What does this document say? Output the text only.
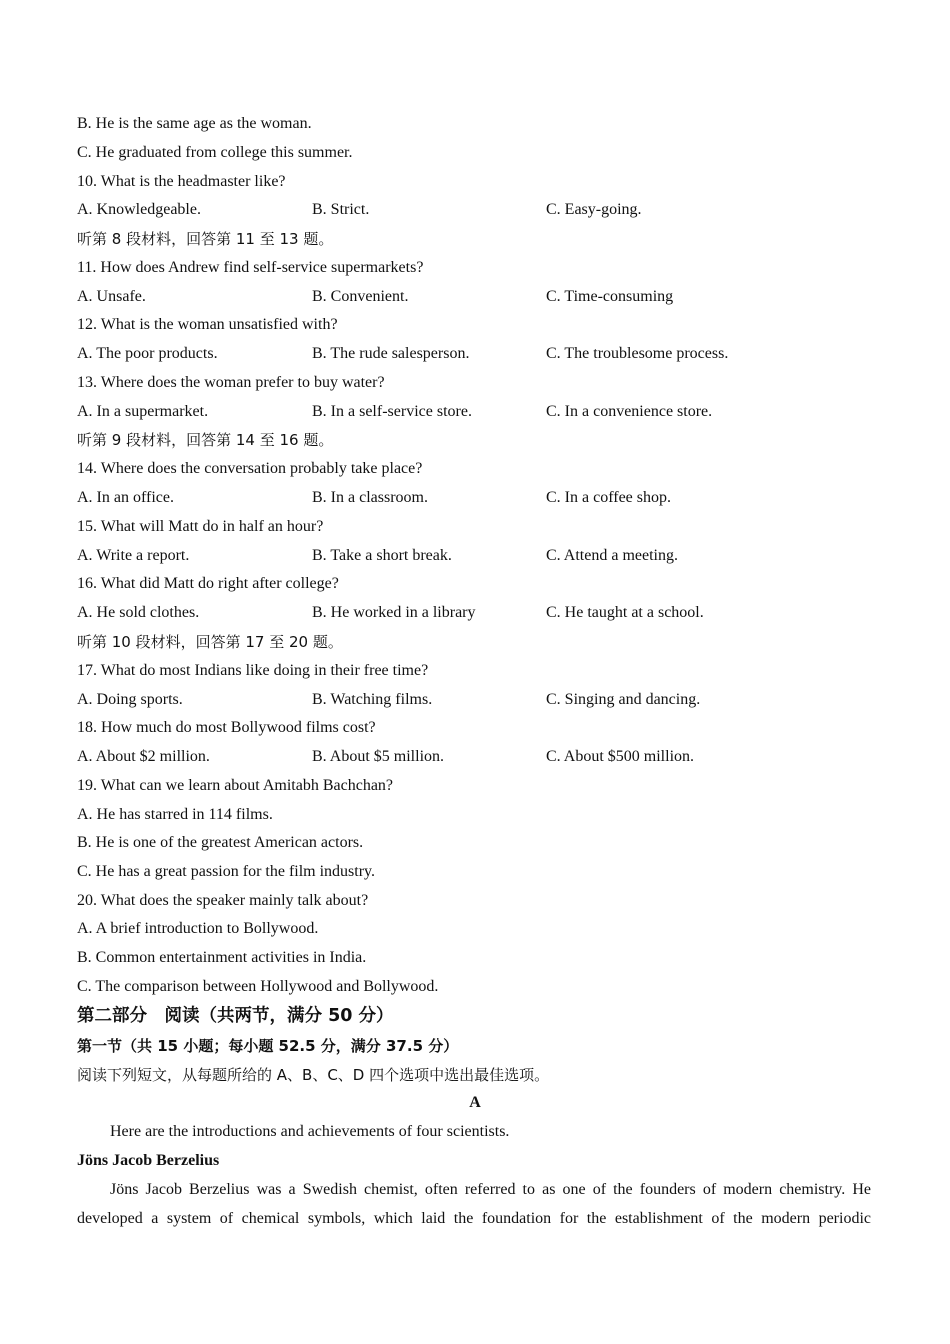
B. He is the same age as the woman.
C. He graduated from college this summer.
10. What is the headmaster like?
A. Knowledgeable.	B. Strict.	C. Easy-going.
听第 8 段材料，回答第 11 至 13 题。
11. How does Andrew find self-service supermarkets?
A. Unsafe.	B. Convenient.	C. Time-consuming
12. What is the woman unsatisfied with?
A. The poor products.	B. The rude salesperson.	C. The troublesome process.
13. Where does the woman prefer to buy water?
A. In a supermarket.	B. In a self-service store.	C. In a convenience store.
听第 9 段材料，回答第 14 至 16 题。
14. Where does the conversation probably take place?
A. In an office.	B. In a classroom.	C. In a coffee shop.
15. What will Matt do in half an hour?
A. Write a report.	B. Take a short break.	C. Attend a meeting.
16. What did Matt do right after college?
A. He sold clothes.	B. He worked in a library	C. He taught at a school.
听第 10 段材料，回答第 17 至 20 题。
17. What do most Indians like doing in their free time?
A. Doing sports.	B. Watching films.	C. Singing and dancing.
18. How much do most Bollywood films cost?
A. About $2 million.	B. About $5 million.	C. About $500 million.
19. What can we learn about Amitabh Bachchan?
A. He has starred in 114 films.
B. He is one of the greatest American actors.
C. He has a great passion for the film industry.
20. What does the speaker mainly talk about?
A. A brief introduction to Bollywood.
B. Common entertainment activities in India.
C. The comparison between Hollywood and Bollywood.
第二部分　阅读（共两节，满分 50 分）
第一节（共 15 小题；每小题 52.5 分，满分 37.5 分）
阅读下列短文，从每题所给的 A、B、C、D 四个选项中选出最佳选项。
A
Here are the introductions and achievements of four scientists.
Jöns Jacob Berzelius
Jöns Jacob Berzelius was a Swedish chemist, often referred to as one of the founders of modern chemistry. He
developed a system of chemical symbols, which laid the foundation for the establishment of the modern periodic
